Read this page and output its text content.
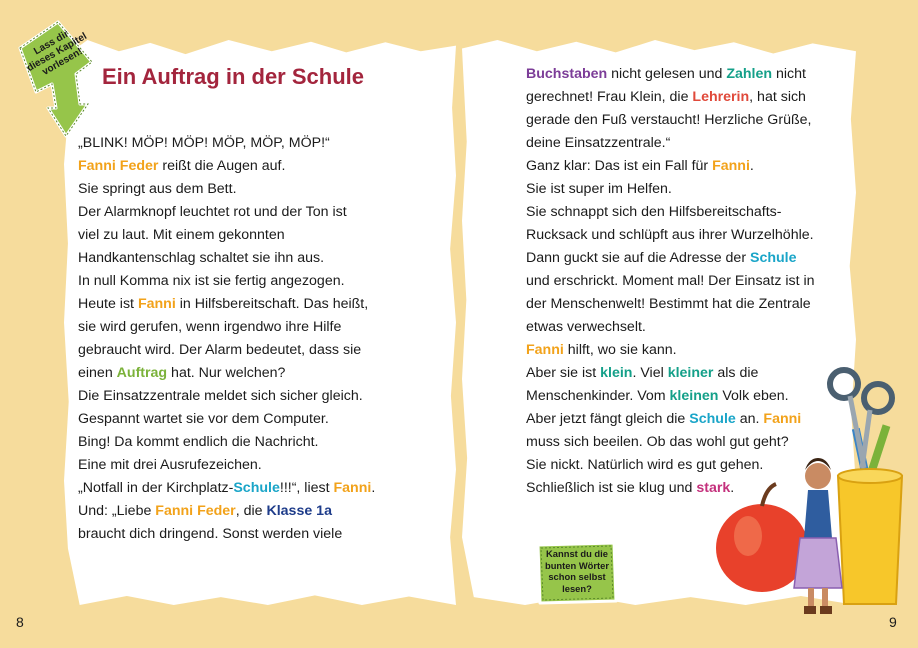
Lass dir dieses Kapitel vorlesen! Ein Auftrag in der Schule
„BLINK! MÖP! MÖP! MÖP, MÖP, MÖP!“
Fanni Feder reißt die Augen auf.
Sie springt aus dem Bett.
Der Alarmknopf leuchtet rot und der Ton ist
viel zu laut. Mit einem gekonnten
Handkantenschlag schaltet sie ihn aus.
In null Komma nix ist sie fertig angezogen.
Heute ist Fanni in Hilfsbereitschaft. Das heißt,
sie wird gerufen, wenn irgendwo ihre Hilfe
gebraucht wird. Der Alarm bedeutet, dass sie
einen Auftrag hat. Nur welchen?
Die Einsatzzentrale meldet sich sicher gleich.
Gespannt wartet sie vor dem Computer.
Bing! Da kommt endlich die Nachricht.
Eine mit drei Ausrufezeichen.
„Notfall in der Kirchplatz-Schule!!!“, liest Fanni.
Und: „Liebe Fanni Feder, die Klasse 1a
braucht dich dringend. Sonst werden viele
Buchstaben nicht gelesen und Zahlen nicht
gerechnet! Frau Klein, die Lehrerin, hat sich
gerade den Fuß verstaucht! Herzliche Grüße,
deine Einsatzzentrale.“
Ganz klar: Das ist ein Fall für Fanni.
Sie ist super im Helfen.
Sie schnappt sich den Hilfsbereitschafts-
Rucksack und schlüpft aus ihrer Wurzelhöhle.
Dann guckt sie auf die Adresse der Schule
und erschrickt. Moment mal! Der Einsatz ist in
der Menschenwelt! Bestimmt hat die Zentrale
etwas verwechselt.
Fanni hilft, wo sie kann.
Aber sie ist klein. Viel kleiner als die
Menschenkinder. Vom kleinen Volk eben.
Aber jetzt fängt gleich die Schule an. Fanni
muss sich beeilen. Ob das wohl gut geht?
Sie nickt. Natürlich wird es gut gehen.
Schließlich ist sie klug und stark.
Kannst du die bunten Wörter schon selbst lesen?
8	9
